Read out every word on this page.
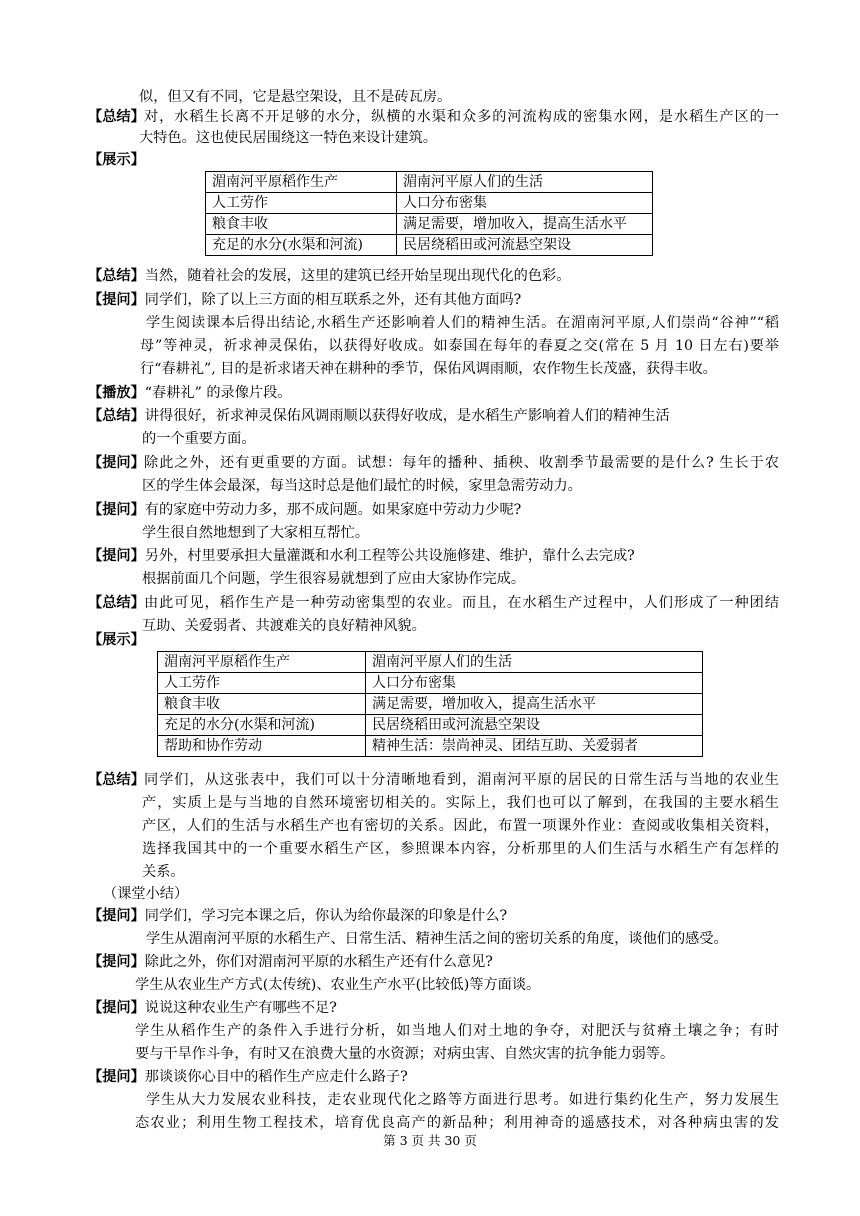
似，但又有不同，它是悬空架设，且不是砖瓦房。
【总结】 对，水稻生长离不开足够的水分，纵横的水渠和众多的河流构成的密集水网，是水稻生产区的一
大特色。这也使民居围绕这一特色来设计建筑。
【展示】
湄南河平原稻作生产	湄南河平原人们的生活
人工劳作	人口分布密集
粮食丰收	满足需要，增加收入，提高生活水平
充足的水分(水渠和河流)	民居绕稻田或河流悬空架设
【总结】当然，随着社会的发展，这里的建筑已经开始呈现出现代化的色彩。
【提问】同学们，除了以上三方面的相互联系之外，还有其他方面吗?
学生阅读课本后得出结论,水稻生产还影响着人们的精神生活。在湄南河平原,人们崇尚“谷神”“稻
母”等神灵，祈求神灵保佑，以获得好收成。如泰国在每年的春夏之交(常在 5 月 10 日左右)要举
行“春耕礼”, 目的是祈求诸天神在耕种的季节，保佑风调雨顺，农作物生长茂盛，获得丰收。
【播放】“春耕礼” 的录像片段。
【总结】讲得很好，祈求神灵保佑风调雨顺以获得好收成，是水稻生产影响着人们的精神生活
的一个重要方面。
【提问】 除此之外，还有更重要的方面。试想：每年的播种、插秧、收割季节最需要的是什么? 生长于农
区的学生体会最深，每当这时总是他们最忙的时候，家里急需劳动力。
【提问】有的家庭中劳动力多，那不成问题。如果家庭中劳动力少呢?
学生很自然地想到了大家相互帮忙。
【提问】另外，村里要承担大量灌溉和水利工程等公共设施修建、维护，靠什么去完成?
根据前面几个问题，学生很容易就想到了应由大家协作完成。
【总结】 由此可见，稻作生产是一种劳动密集型的农业。而且，在水稻生产过程中，人们形成了一种团结
互助、关爱弱者、共渡难关的良好精神风貌。
【展示】
湄南河平原稻作生产	湄南河平原人们的生活
人工劳作	人口分布密集
粮食丰收	满足需要，增加收入，提高生活水平
充足的水分(水渠和河流)	民居绕稻田或河流悬空架设
帮助和协作劳动	精神生活：崇尚神灵、团结互助、关爱弱者
【总结】 同学们，从这张表中，我们可以十分清晰地看到，湄南河平原的居民的日常生活与当地的农业生
产，实质上是与当地的自然环境密切相关的。实际上，我们也可以了解到，在我国的主要水稻生
产区，人们的生活与水稻生产也有密切的关系。因此，布置一项课外作业：查阅或收集相关资料，
选择我国其中的一个重要水稻生产区，参照课本内容，分析那里的人们生活与水稻生产有怎样的
关系。
（课堂小结）
【提问】同学们，学习完本课之后，你认为给你最深的印象是什么?
学生从湄南河平原的水稻生产、日常生活、精神生活之间的密切关系的角度，谈他们的感受。
【提问】除此之外，你们对湄南河平原的水稻生产还有什么意见?
学生从农业生产方式(太传统)、农业生产水平(比较低)等方面谈。
【提问】说说这种农业生产有哪些不足?
学生从稻作生产的条件入手进行分析，如当地人们对土地的争夺，对肥沃与贫瘠土壤之争；有时
要与干旱作斗争，有时又在浪费大量的水资源；对病虫害、自然灾害的抗争能力弱等。
【提问】那谈谈你心目中的稻作生产应走什么路子?
学生从大力发展农业科技，走农业现代化之路等方面进行思考。如进行集约化生产，努力发展生
态农业；利用生物工程技术，培育优良高产的新品种；利用神奇的遥感技术，对各种病虫害的发
第 3 页 共 30 页
